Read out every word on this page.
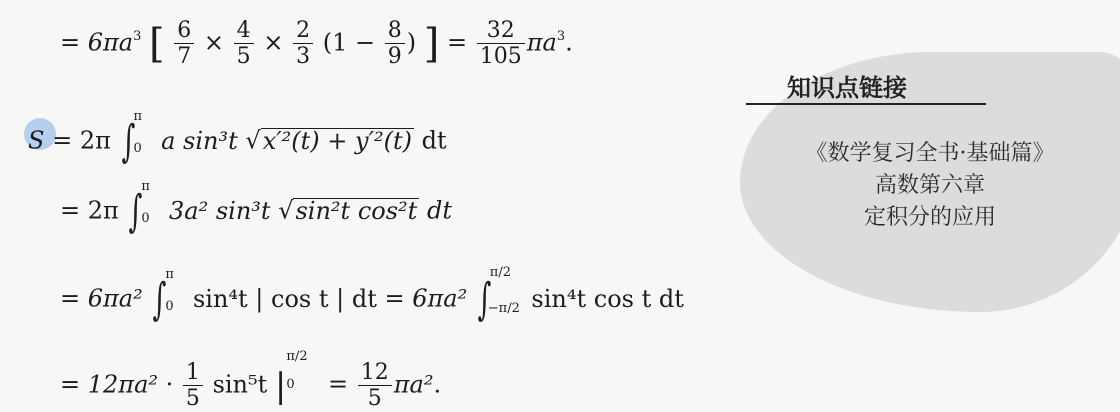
知识点链接
《数学复习全书·基础篇》
高数第六章
定积分的应用
= $6\pi a^3$ [ $\frac{6}{7} \times \frac{4}{5} \times \frac{2}{3} (1 - \frac{8}{9}$ ) ] = $\frac{32}{105} \pi a^3$.
S = 2π ∫
π
0 a sin³t √x′²(t) + y′²(t) dt
= 2π ∫
π
0 3a² sin³t √sin²t cos²t dt
= 6πa² ∫
π
0 sin⁴t | cos t | dt = 6πa² ∫
π/2
−π/2 sin⁴t cos t dt
= $12\pi a^2 \cdot \frac{1}{5} \sin^5t$ |
π/2
$0 = \frac{12}{5} \pi a^2$.
